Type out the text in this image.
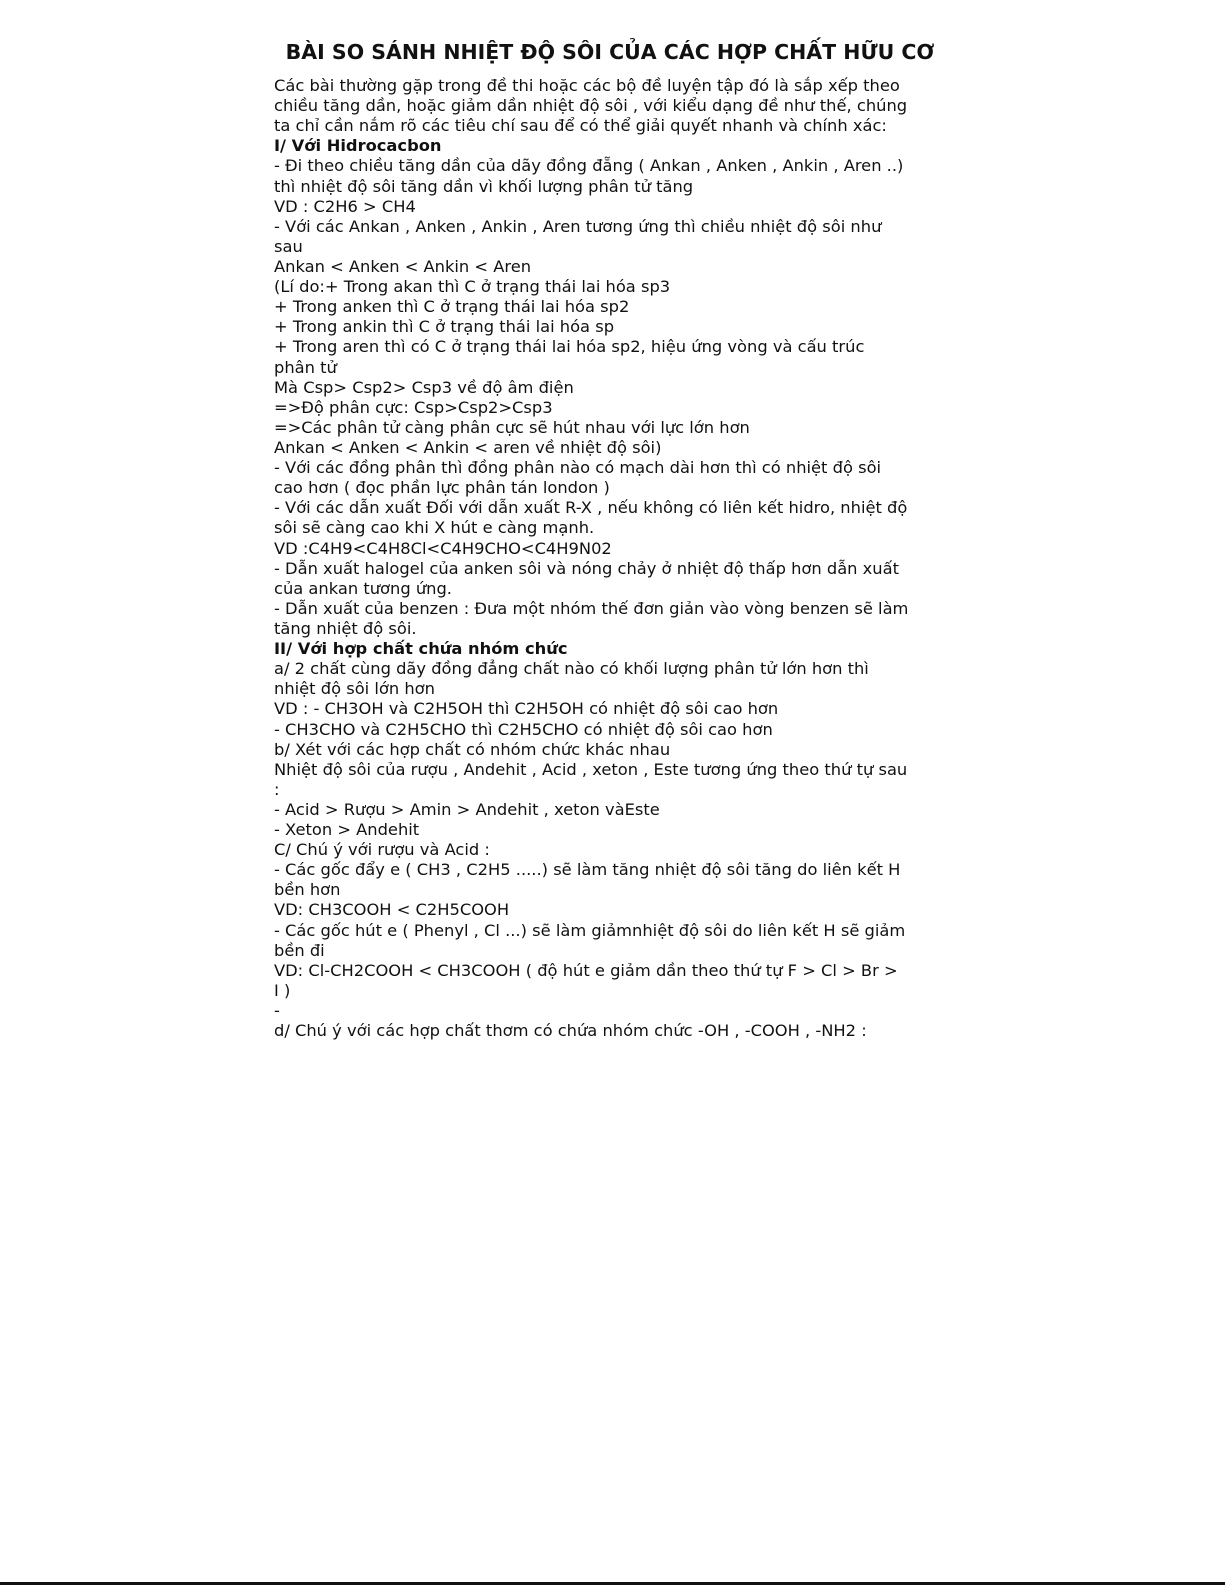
BÀI SO SÁNH NHIỆT ĐỘ SÔI CỦA CÁC HỢP CHẤT HỮU CƠ
Các bài thường gặp trong đề thi hoặc các bộ đề luyện tập đó là sắp xếp theo
chiều tăng dần, hoặc giảm dần nhiệt độ sôi , với kiểu dạng đề như thế, chúng
ta chỉ cần nắm rõ các tiêu chí sau để có thể giải quyết nhanh và chính xác:
I/ Với Hidrocacbon
- Đi theo chiều tăng dần của dãy đồng đẵng ( Ankan , Anken , Ankin , Aren ..)
thì nhiệt độ sôi tăng dần vì khối lượng phân tử tăng
VD : C2H6 > CH4
- Với các Ankan , Anken , Ankin , Aren tương ứng thì chiều nhiệt độ sôi như
sau
Ankan < Anken < Ankin < Aren
(Lí do:+ Trong akan thì C ở trạng thái lai hóa sp3
+ Trong anken thì C ở trạng thái lai hóa sp2
+ Trong ankin thì C ở trạng thái lai hóa sp
+ Trong aren thì có C ở trạng thái lai hóa sp2, hiệu ứng vòng và cấu trúc
phân tử
Mà Csp> Csp2> Csp3 về độ âm điện
=>Độ phân cực: Csp>Csp2>Csp3
=>Các phân tử càng phân cực sẽ hút nhau với lực lớn hơn
Ankan < Anken < Ankin < aren về nhiệt độ sôi)
- Với các đồng phân thì đồng phân nào có mạch dài hơn thì có nhiệt độ sôi
cao hơn ( đọc phần lực phân tán london )
- Với các dẫn xuất Đối với dẫn xuất R-X , nếu không có liên kết hidro, nhiệt độ
sôi sẽ càng cao khi X hút e càng mạnh.
VD :C4H9<C4H8Cl<C4H9CHO<C4H9N02
- Dẫn xuất halogel của anken sôi và nóng chảy ở nhiệt độ thấp hơn dẫn xuất
của ankan tương ứng.
- Dẫn xuất của benzen : Đưa một nhóm thế đơn giản vào vòng benzen sẽ làm
tăng nhiệt độ sôi.
II/ Với hợp chất chứa nhóm chức
a/ 2 chất cùng dãy đồng đẳng chất nào có khối lượng phân tử lớn hơn thì
nhiệt độ sôi lớn hơn
VD : - CH3OH và C2H5OH thì C2H5OH có nhiệt độ sôi cao hơn
- CH3CHO và C2H5CHO thì C2H5CHO có nhiệt độ sôi cao hơn
b/ Xét với các hợp chất có nhóm chức khác nhau
Nhiệt độ sôi của rượu , Andehit , Acid , xeton , Este tương ứng theo thứ tự sau
:
- Acid > Rượu > Amin > Andehit , xeton vàEste
- Xeton > Andehit
C/ Chú ý với rượu và Acid :
- Các gốc đẩy e ( CH3 , C2H5 .....) sẽ làm tăng nhiệt độ sôi tăng do liên kết H
bền hơn
VD: CH3COOH < C2H5COOH
- Các gốc hút e ( Phenyl , Cl ...) sẽ làm giảmnhiệt độ sôi do liên kết H sẽ giảm
bền đi
VD: Cl-CH2COOH < CH3COOH ( độ hút e giảm dần theo thứ tự F > Cl > Br >
I )
-
d/ Chú ý với các hợp chất thơm có chứa nhóm chức -OH , -COOH , -NH2 :
